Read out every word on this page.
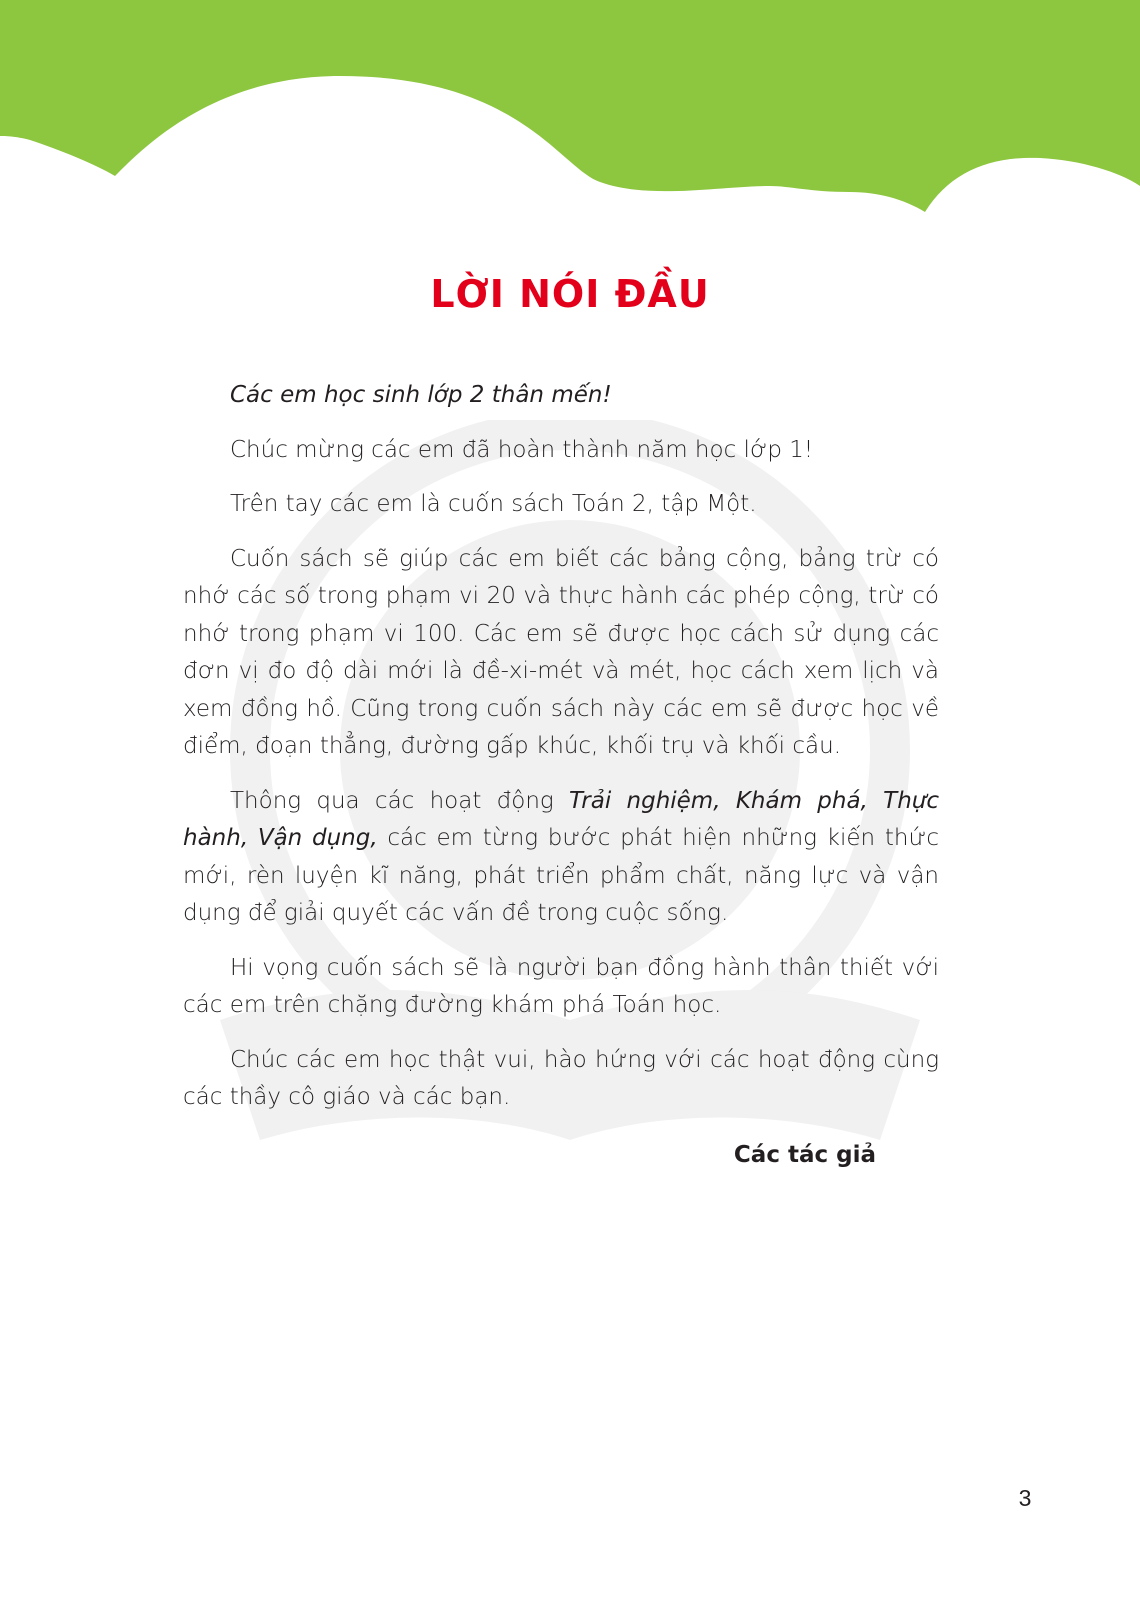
LỜI NÓI ĐẦU

Các em học sinh lớp 2 thân mến!

Chúc mừng các em đã hoàn thành năm học lớp 1!

Trên tay các em là cuốn sách Toán 2, tập Một.

Cuốn sách sẽ giúp các em biết các bảng cộng, bảng trừ có nhớ các số trong phạm vi 20 và thực hành các phép cộng, trừ có nhớ trong phạm vi 100. Các em sẽ được học cách sử dụng các đơn vị đo độ dài mới là đề-xi-mét và mét, học cách xem lịch và xem đồng hồ. Cũng trong cuốn sách này các em sẽ được học về điểm, đoạn thẳng, đường gấp khúc, khối trụ và khối cầu.

Thông qua các hoạt động Trải nghiệm, Khám phá, Thực hành, Vận dụng, các em từng bước phát hiện những kiến thức mới, rèn luyện kĩ năng, phát triển phẩm chất, năng lực và vận dụng để giải quyết các vấn đề trong cuộc sống.

Hi vọng cuốn sách sẽ là người bạn đồng hành thân thiết với các em trên chặng đường khám phá Toán học.

Chúc các em học thật vui, hào hứng với các hoạt động cùng các thầy cô giáo và các bạn.

Các tác giả
3
